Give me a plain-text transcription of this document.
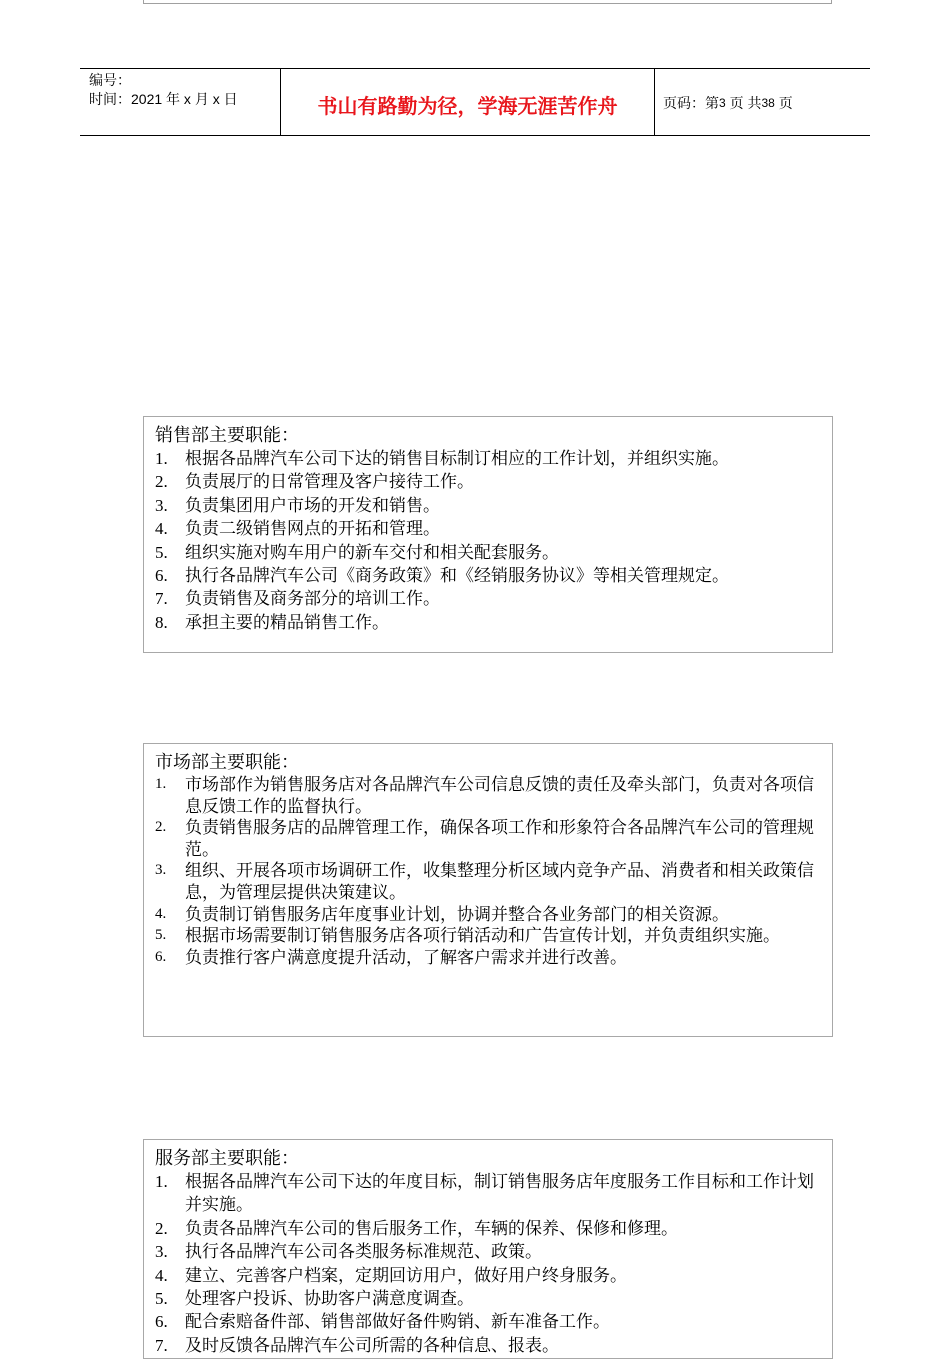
编号：
时间：2021 年 x 月 x 日	书山有路勤为径，学海无涯苦作舟	页码：第 3
页 共 38
页
销售部主要职能：
1.	根据各品牌汽车公司下达的销售目标制订相应的工作计划，并组织实施。
2.	负责展厅的日常管理及客户接待工作。
3.	负责集团用户市场的开发和销售。
4.	负责二级销售网点的开拓和管理。
5.	组织实施对购车用户的新车交付和相关配套服务。
6.	执行各品牌汽车公司《商务政策》和《经销服务协议》等相关管理规定。
7.	负责销售及商务部分的培训工作。
8.	承担主要的精品销售工作。
市场部主要职能：
1.	市场部作为销售服务店对各品牌汽车公司信息反馈的责任及牵头部门，负责对各项信息反馈工作的监督执行。
2.	负责销售服务店的品牌管理工作，确保各项工作和形象符合各品牌汽车公司的管理规范。
3.	组织、开展各项市场调研工作，收集整理分析区域内竞争产品、消费者和相关政策信息，为管理层提供决策建议。
4.	负责制订销售服务店年度事业计划，协调并整合各业务部门的相关资源。
5.	根据市场需要制订销售服务店各项行销活动和广告宣传计划，并负责组织实施。
6.	负责推行客户满意度提升活动，了解客户需求并进行改善。
服务部主要职能：
1.	根据各品牌汽车公司下达的年度目标，制订销售服务店年度服务工作目标和工作计划并实施。
2.	负责各品牌汽车公司的售后服务工作，车辆的保养、保修和修理。
3.	执行各品牌汽车公司各类服务标准规范、政策。
4.	建立、完善客户档案，定期回访用户，做好用户终身服务。
5.	处理客户投诉、协助客户满意度调查。
6.	配合索赔备件部、销售部做好备件购销、新车准备工作。
7.	及时反馈各品牌汽车公司所需的各种信息、报表。
